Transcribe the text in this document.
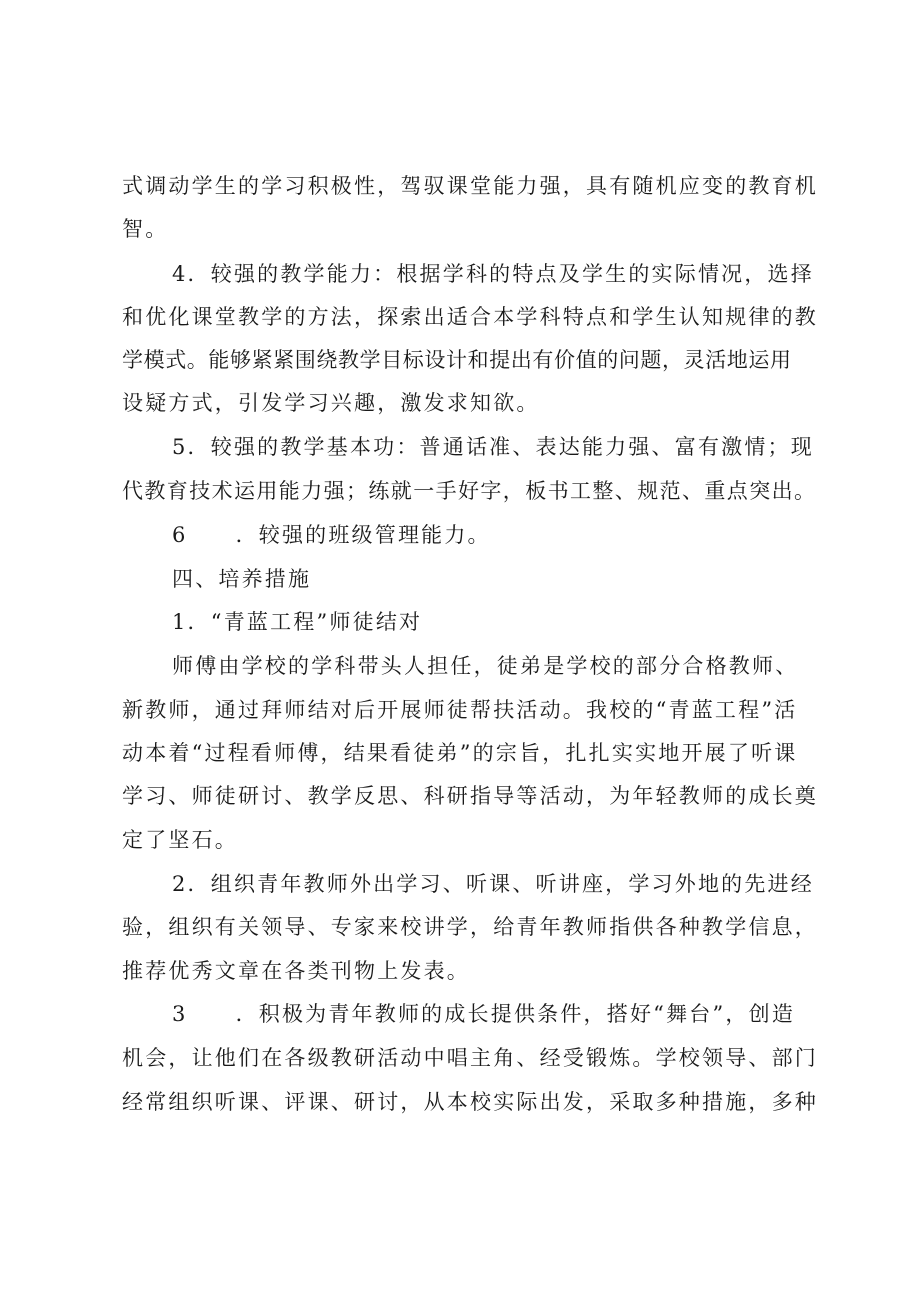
式调动学生的学习积极性，驾驭课堂能力强，具有随机应变的教育机
智。
4．较强的教学能力：根据学科的特点及学生的实际情况，选择
和优化课堂教学的方法，探索出适合本学科特点和学生认知规律的教
学模式。能够紧紧围绕教学目标设计和提出有价值的问题，灵活地运用
设疑方式，引发学习兴趣，激发求知欲。
5．较强的教学基本功：普通话准、表达能力强、富有激情；现
代教育技术运用能力强；练就一手好字，板书工整、规范、重点突出。
6 ．较强的班级管理能力。
四、培养措施
1．“青蓝工程”师徒结对
师傅由学校的学科带头人担任，徒弟是学校的部分合格教师、
新教师，通过拜师结对后开展师徒帮扶活动。我校的“青蓝工程”活
动本着“过程看师傅，结果看徒弟”的宗旨，扎扎实实地开展了听课
学习、师徒研讨、教学反思、科研指导等活动，为年轻教师的成长奠
定了坚石。
2．组织青年教师外出学习、听课、听讲座，学习外地的先进经
验，组织有关领导、专家来校讲学，给青年教师指供各种教学信息，
推荐优秀文章在各类刊物上发表。
3 ．积极为青年教师的成长提供条件，搭好“舞台”，创造
机会，让他们在各级教研活动中唱主角、经受锻炼。学校领导、部门
经常组织听课、评课、研讨，从本校实际出发，采取多种措施，多种
